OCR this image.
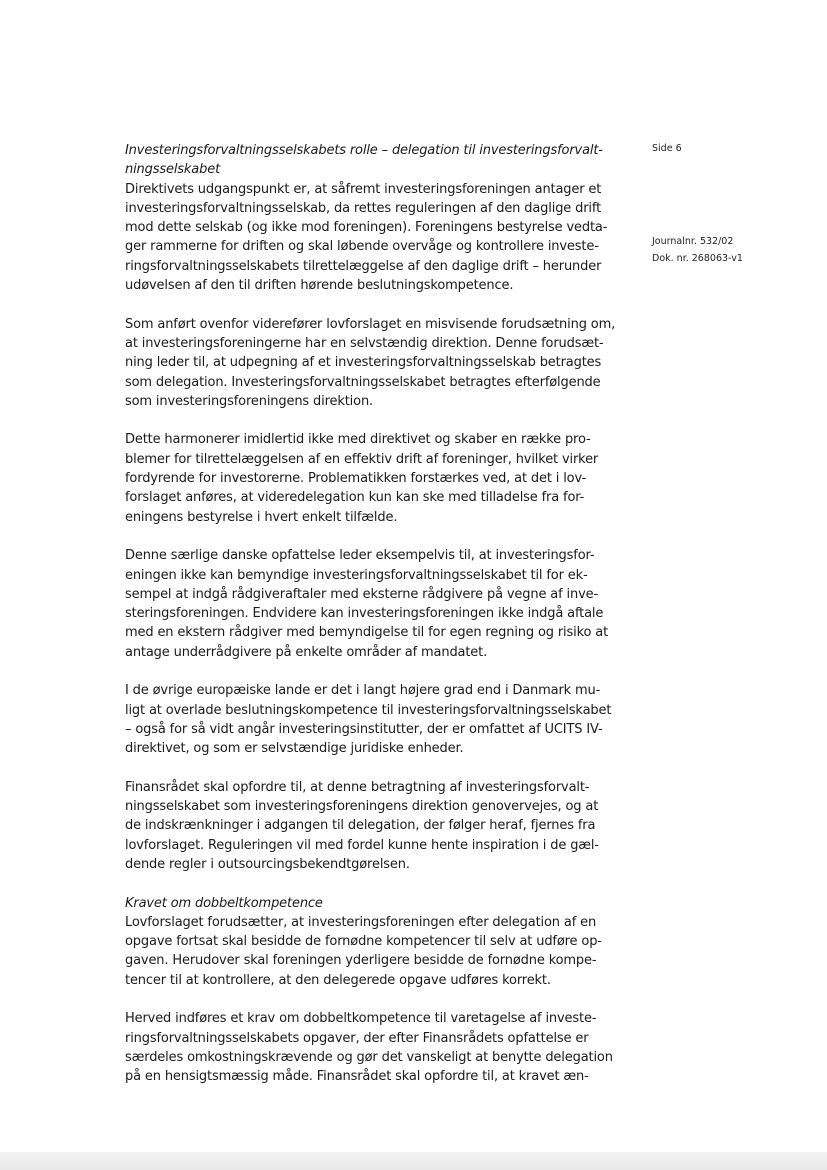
Side 6
Journalnr. 532/02
Dok. nr. 268063-v1
Investeringsforvaltningsselskabets rolle – delegation til investeringsforvalt-
ningsselskabet
Direktivets udgangspunkt er, at såfremt investeringsforeningen antager et
investeringsforvaltningsselskab, da rettes reguleringen af den daglige drift
mod dette selskab (og ikke mod foreningen). Foreningens bestyrelse vedta-
ger rammerne for driften og skal løbende overvåge og kontrollere investe-
ringsforvaltningsselskabets tilrettelæggelse af den daglige drift – herunder
udøvelsen af den til driften hørende beslutningskompetence.
Som anført ovenfor viderefører lovforslaget en misvisende forudsætning om,
at investeringsforeningerne har en selvstændig direktion. Denne forudsæt-
ning leder til, at udpegning af et investeringsforvaltningsselskab betragtes
som delegation. Investeringsforvaltningsselskabet betragtes efterfølgende
som investeringsforeningens direktion.
Dette harmonerer imidlertid ikke med direktivet og skaber en række pro-
blemer for tilrettelæggelsen af en effektiv drift af foreninger, hvilket virker
fordyrende for investorerne. Problematikken forstærkes ved, at det i lov-
forslaget anføres, at videredelegation kun kan ske med tilladelse fra for-
eningens bestyrelse i hvert enkelt tilfælde.
Denne særlige danske opfattelse leder eksempelvis til, at investeringsfor-
eningen ikke kan bemyndige investeringsforvaltningsselskabet til for ek-
sempel at indgå rådgiveraftaler med eksterne rådgivere på vegne af inve-
steringsforeningen. Endvidere kan investeringsforeningen ikke indgå aftale
med en ekstern rådgiver med bemyndigelse til for egen regning og risiko at
antage underrådgivere på enkelte områder af mandatet.
I de øvrige europæiske lande er det i langt højere grad end i Danmark mu-
ligt at overlade beslutningskompetence til investeringsforvaltningsselskabet
– også for så vidt angår investeringsinstitutter, der er omfattet af UCITS IV-
direktivet, og som er selvstændige juridiske enheder.
Finansrådet skal opfordre til, at denne betragtning af investeringsforvalt-
ningsselskabet som investeringsforeningens direktion genovervejes, og at
de indskrænkninger i adgangen til delegation, der følger heraf, fjernes fra
lovforslaget. Reguleringen vil med fordel kunne hente inspiration i de gæl-
dende regler i outsourcingsbekendtgørelsen.
Kravet om dobbeltkompetence
Lovforslaget forudsætter, at investeringsforeningen efter delegation af en
opgave fortsat skal besidde de fornødne kompetencer til selv at udføre op-
gaven. Herudover skal foreningen yderligere besidde de fornødne kompe-
tencer til at kontrollere, at den delegerede opgave udføres korrekt.
Herved indføres et krav om dobbeltkompetence til varetagelse af investe-
ringsforvaltningsselskabets opgaver, der efter Finansrådets opfattelse er
særdeles omkostningskrævende og gør det vanskeligt at benytte delegation
på en hensigtsmæssig måde. Finansrådet skal opfordre til, at kravet æn-
